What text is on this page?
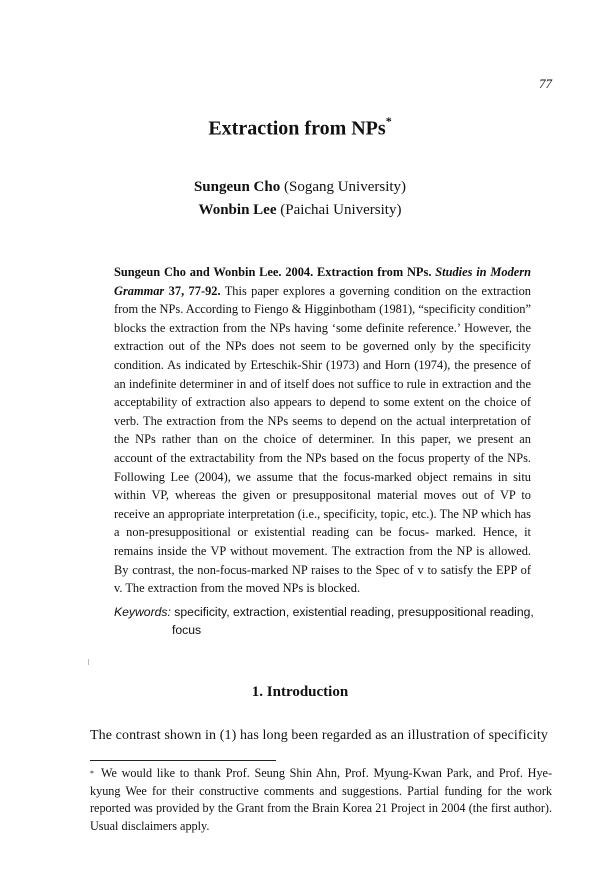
77
Extraction from NPs*
Sungeun Cho (Sogang University)
Wonbin Lee (Paichai University)
Sungeun Cho and Wonbin Lee. 2004. Extraction from NPs. Studies in Modern Grammar 37, 77-92. This paper explores a governing condition on the extraction from the NPs. According to Fiengo & Higginbotham (1981), “specificity condition” blocks the extraction from the NPs having ‘some definite reference.’ However, the extraction out of the NPs does not seem to be governed only by the specificity condition. As indicated by Erteschik-Shir (1973) and Horn (1974), the presence of an indefinite determiner in and of itself does not suffice to rule in extraction and the acceptability of extraction also appears to depend to some extent on the choice of verb. The extraction from the NPs seems to depend on the actual interpretation of the NPs rather than on the choice of determiner. In this paper, we present an account of the extractability from the NPs based on the focus property of the NPs. Following Lee (2004), we assume that the focus-marked object remains in situ within VP, whereas the given or presuppositonal material moves out of VP to receive an appropriate interpretation (i.e., specificity, topic, etc.). The NP which has a non-presuppositional or existential reading can be focus- marked. Hence, it remains inside the VP without movement. The extraction from the NP is allowed. By contrast, the non-focus-marked NP raises to the Spec of v to satisfy the EPP of v. The extraction from the moved NPs is blocked.
Keywords: specificity, extraction, existential reading, presuppositional reading,
focus
1. Introduction
The contrast shown in (1) has long been regarded as an illustration of specificity
* We would like to thank Prof. Seung Shin Ahn, Prof. Myung-Kwan Park, and Prof. Hye-kyung Wee for their constructive comments and suggestions. Partial funding for the work reported was provided by the Grant from the Brain Korea 21 Project in 2004 (the first author). Usual disclaimers apply.
